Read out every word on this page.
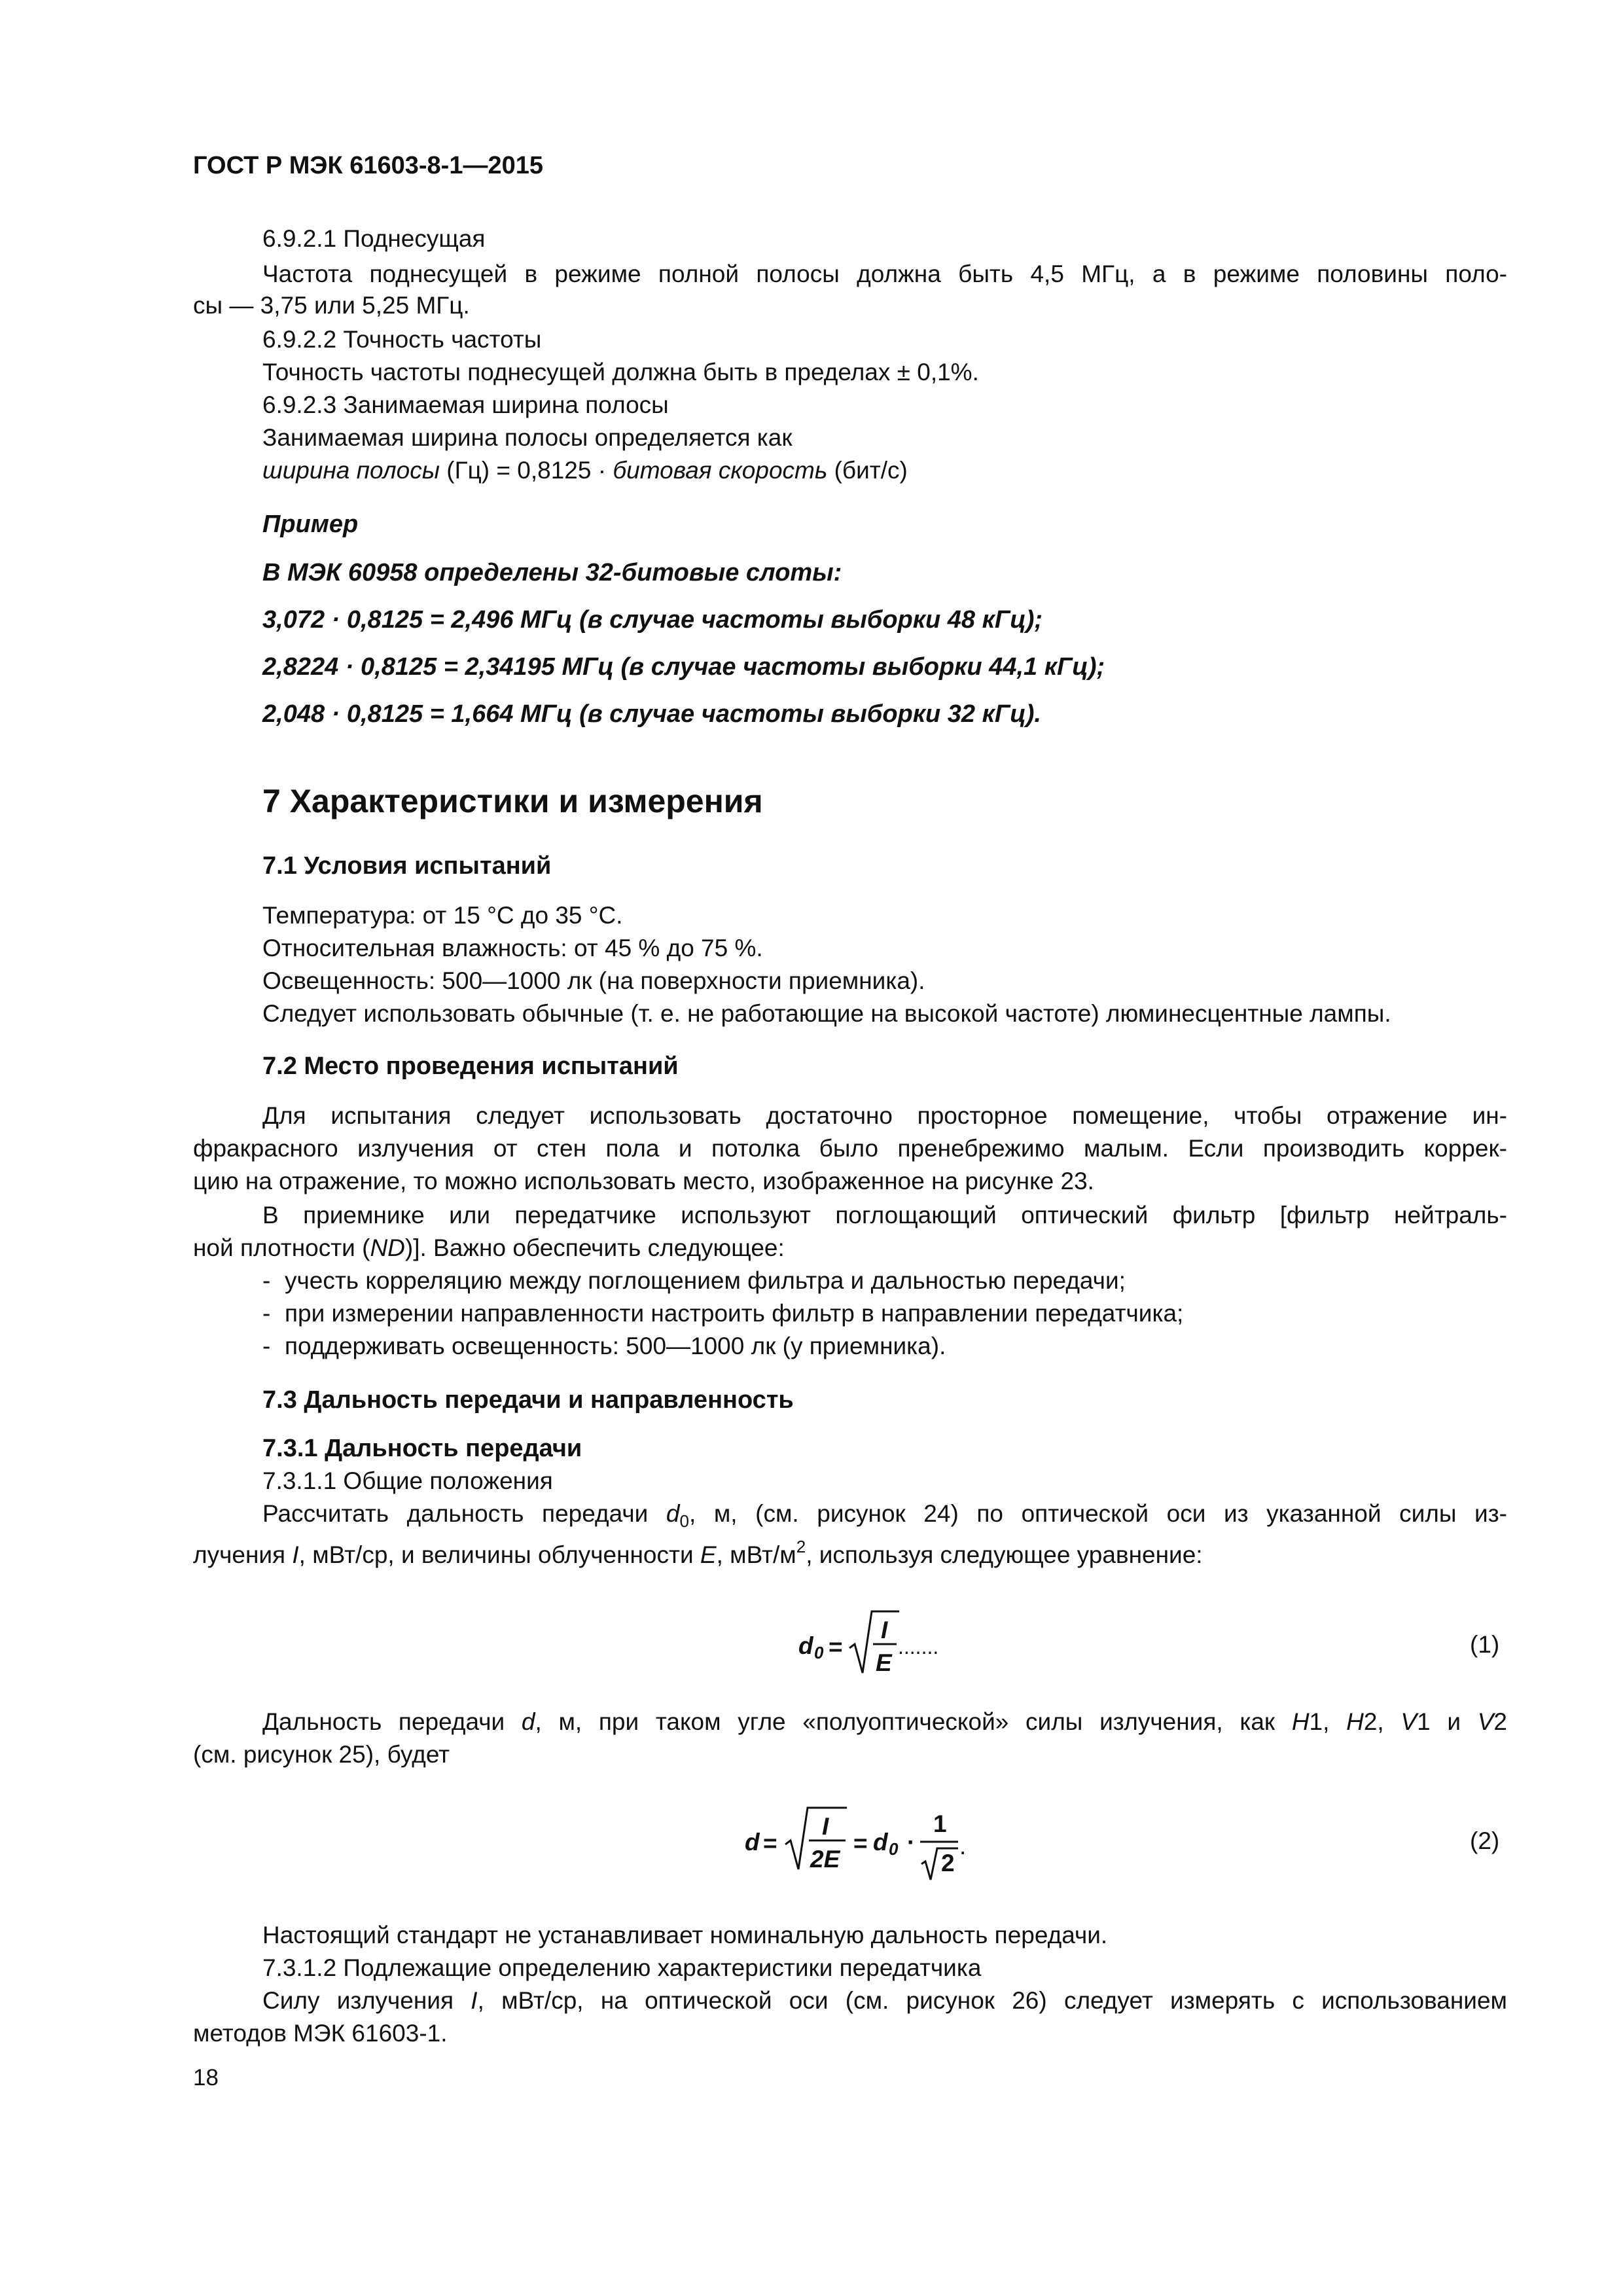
ГОСТ Р МЭК 61603-8-1—2015
6.9.2.1 Поднесущая
Частота поднесущей в режиме полной полосы должна быть 4,5 МГц, а в режиме половины поло-
сы — 3,75 или 5,25 МГц.
6.9.2.2 Точность частоты
Точность частоты поднесущей должна быть в пределах ± 0,1%.
6.9.2.3 Занимаемая ширина полосы
Занимаемая ширина полосы определяется как
ширина полосы (Гц) = 0,8125 · битовая скорость (бит/с)
Пример
В МЭК 60958 определены 32-битовые слоты:
3,072 · 0,8125 = 2,496 МГц (в случае частоты выборки 48 кГц);
2,8224 · 0,8125 = 2,34195 МГц (в случае частоты выборки 44,1 кГц);
2,048 · 0,8125 = 1,664 МГц (в случае частоты выборки 32 кГц).
7 Характеристики и измерения
7.1 Условия испытаний
Температура: от 15 °С до 35 °С.
Относительная влажность: от 45 % до 75 %.
Освещенность: 500—1000 лк (на поверхности приемника).
Следует использовать обычные (т. е. не работающие на высокой частоте) люминесцентные лампы.
7.2 Место проведения испытаний
Для испытания следует использовать достаточно просторное помещение, чтобы отражение ин-
фракрасного излучения от стен пола и потолка было пренебрежимо малым. Если производить коррек-
цию на отражение, то можно использовать место, изображенное на рисунке 23.
В приемнике или передатчике используют поглощающий оптический фильтр [фильтр нейтраль-
ной плотности (ND)]. Важно обеспечить следующее:
- учесть корреляцию между поглощением фильтра и дальностью передачи;
- при измерении направленности настроить фильтр в направлении передатчика;
- поддерживать освещенность: 500—1000 лк (у приемника).
7.3 Дальность передачи и направленность
7.3.1 Дальность передачи
7.3.1.1 Общие положения
Рассчитать дальность передачи $d_0$, м, (см. рисунок 24) по оптической оси из указанной силы из-
лучения I, мВт/ср, и величины облученности E, мВт/$м^2$, используя следующее уравнение:
d 0 =
I
E
.......	(1)
Дальность передачи d, м, при таком угле «полуоптической» силы излучения, как H1, H2, V1 и V2
(см. рисунок 25), будет
d =
I
2E
= d 0 ·
1
2
.	(2)
Настоящий стандарт не устанавливает номинальную дальность передачи.
7.3.1.2 Подлежащие определению характеристики передатчика
Силу излучения I, мВт/ср, на оптической оси (см. рисунок 26) следует измерять с использованием
методов МЭК 61603-1.
18
